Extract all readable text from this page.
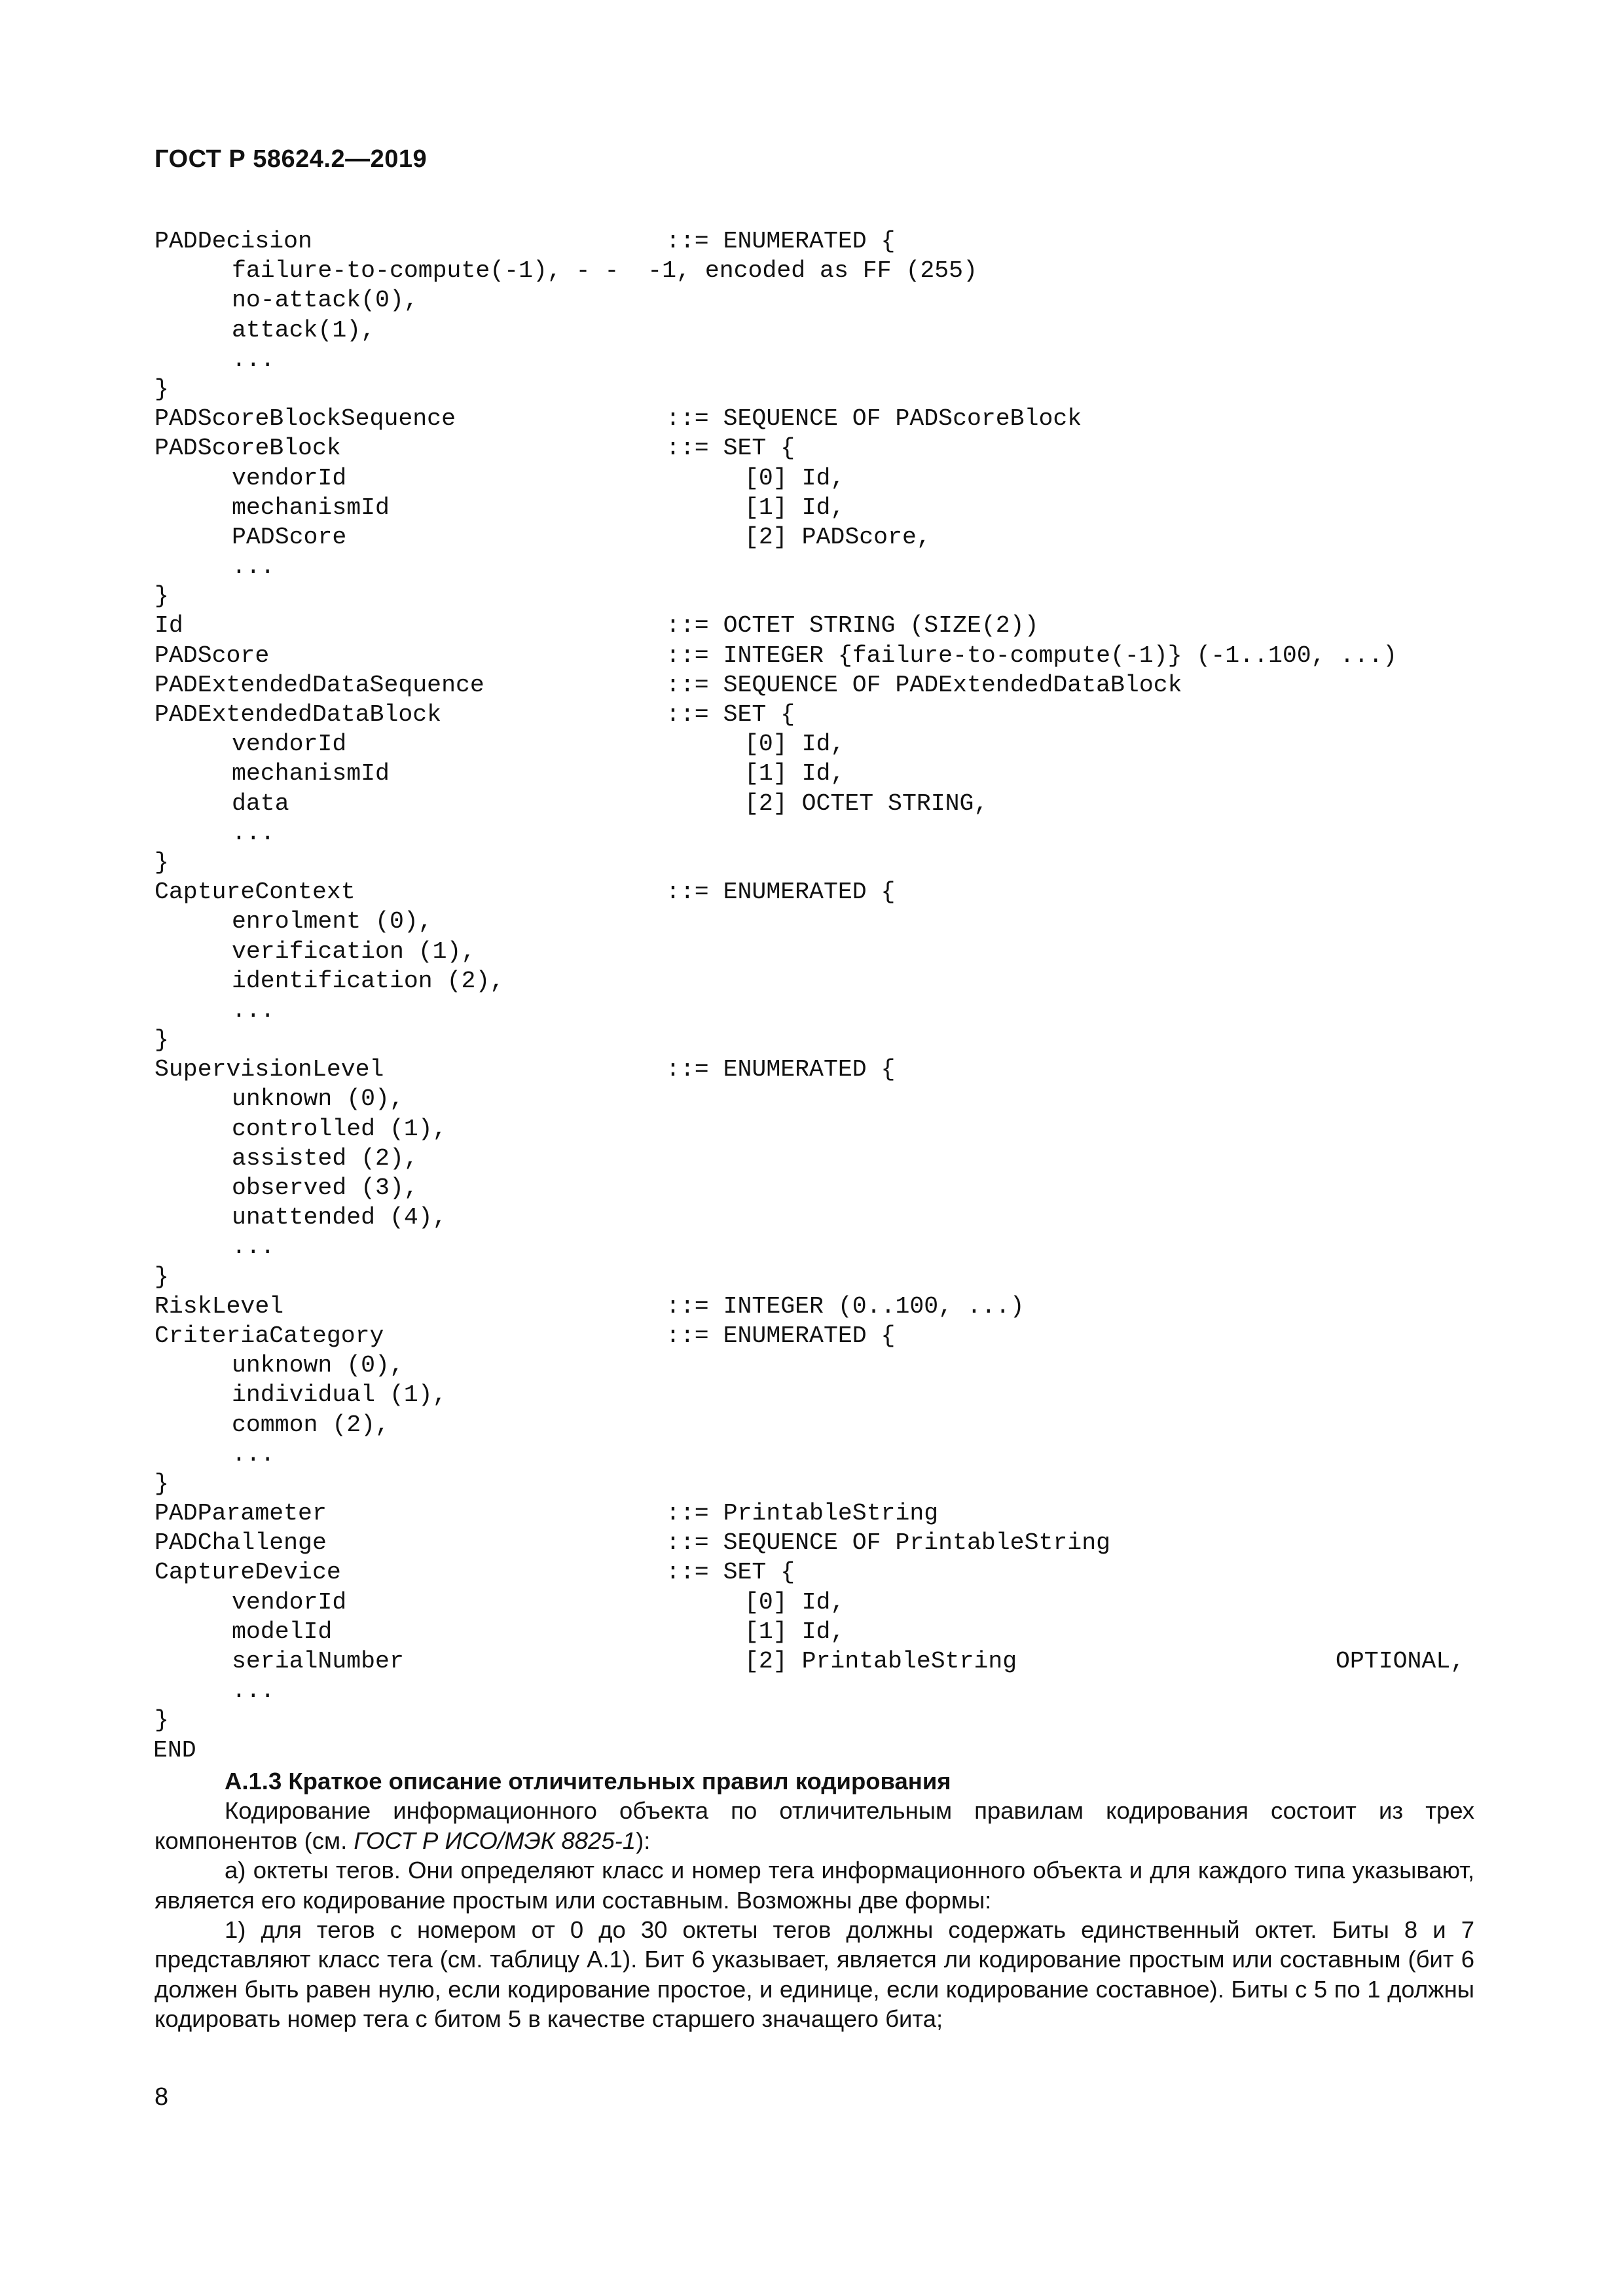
ГОСТ Р 58624.2—2019
PADDecision	::= ENUMERATED {
failure-to-compute(-1), - -  -1, encoded as FF (255)
no-attack(0),
attack(1),
...
}
PADScoreBlockSequence	::= SEQUENCE OF PADScoreBlock
PADScoreBlock	::= SET {
vendorId	[0] Id,
mechanismId	[1] Id,
PADScore	[2] PADScore,
...
}
Id	::= OCTET STRING (SIZE(2))
PADScore	::= INTEGER {failure-to-compute(-1)} (-1..100, ...)
PADExtendedDataSequence	::= SEQUENCE OF PADExtendedDataBlock
PADExtendedDataBlock	::= SET {
vendorId	[0] Id,
mechanismId	[1] Id,
data	[2] OCTET STRING,
...
}
CaptureContext	::= ENUMERATED {
enrolment (0),
verification (1),
identification (2),
...
}
SupervisionLevel	::= ENUMERATED {
unknown (0),
controlled (1),
assisted (2),
observed (3),
unattended (4),
...
}
RiskLevel	::= INTEGER (0..100, ...)
CriteriaCategory	::= ENUMERATED {
unknown (0),
individual (1),
common (2),
...
}
PADParameter	::= PrintableString
PADChallenge	::= SEQUENCE OF PrintableString
CaptureDevice	::= SET {
vendorId	[0] Id,
modelId	[1] Id,
serialNumber	[2] PrintableString	OPTIONAL,
...
}
END
А.1.3 Краткое описание отличительных правил кодирования

Кодирование информационного объекта по отличительным правилам кодирования состоит из трех компонентов (см. ГОСТ Р ИСО/МЭК 8825-1):

а) октеты тегов. Они определяют класс и номер тега информационного объекта и для каждого типа указывают, является его кодирование простым или составным. Возможны две формы:

1) для тегов с номером от 0 до 30 октеты тегов должны содержать единственный октет. Биты 8 и 7 представляют класс тега (см. таблицу А.1). Бит 6 указывает, является ли кодирование простым или составным (бит 6 должен быть равен нулю, если кодирование простое, и единице, если кодирование составное). Биты с 5 по 1 должны кодировать номер тега с битом 5 в качестве старшего значащего бита;

8
